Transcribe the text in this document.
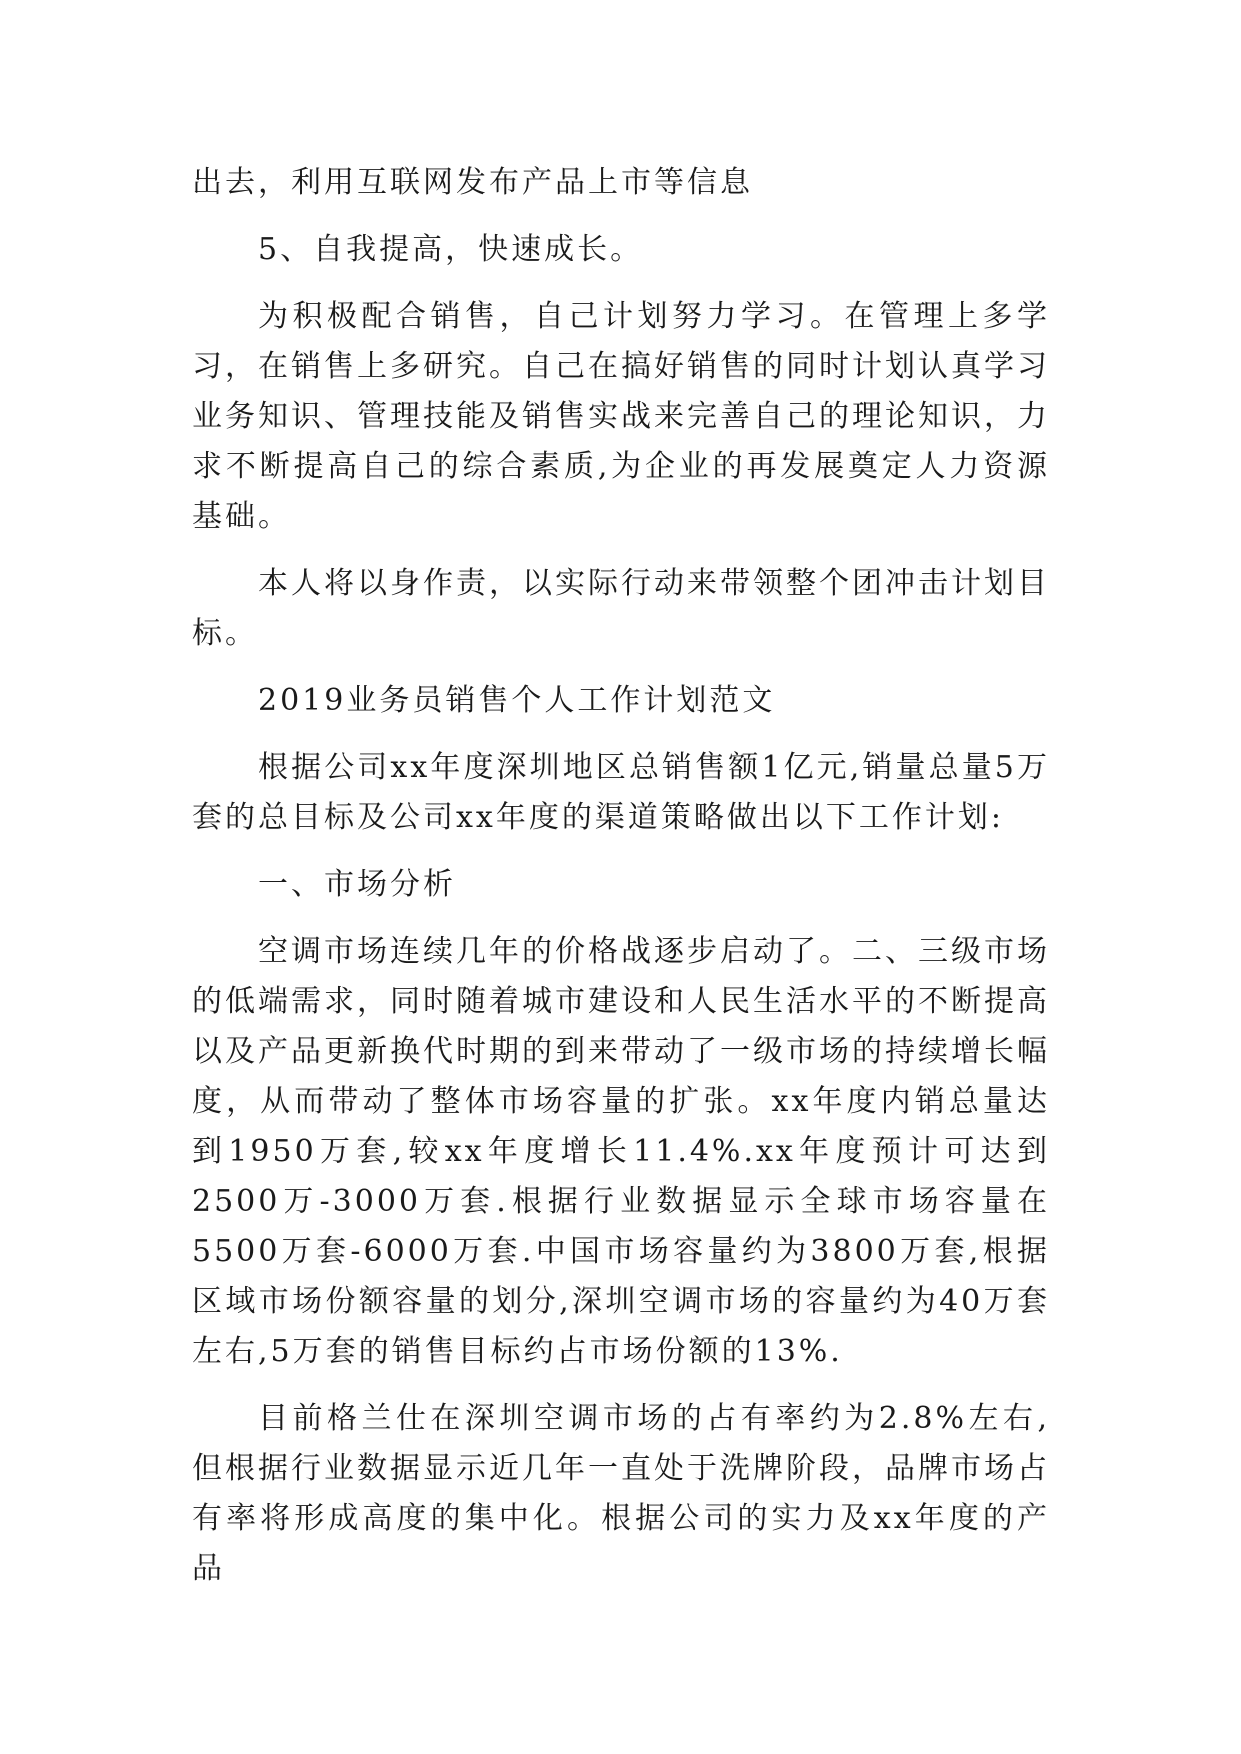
出去，利用互联网发布产品上市等信息

5、自我提高，快速成长。

为积极配合销售，自己计划努力学习。在管理上多学习，在销售上多研究。自己在搞好销售的同时计划认真学习业务知识、管理技能及销售实战来完善自己的理论知识，力求不断提高自己的综合素质,为企业的再发展奠定人力资源基础。

本人将以身作责，以实际行动来带领整个团冲击计划目标。

2019业务员销售个人工作计划范文

根据公司xx年度深圳地区总销售额1亿元,销量总量5万套的总目标及公司xx年度的渠道策略做出以下工作计划:

一、市场分析

空调市场连续几年的价格战逐步启动了。二、三级市场的低端需求，同时随着城市建设和人民生活水平的不断提高以及产品更新换代时期的到来带动了一级市场的持续增长幅度，从而带动了整体市场容量的扩张。xx年度内销总量达到1950万套,较xx年度增长11.4%.xx年度预计可达到2500万-3000万套.根据行业数据显示全球市场容量在5500万套-6000万套.中国市场容量约为3800万套,根据区域市场份额容量的划分,深圳空调市场的容量约为40万套左右,5万套的销售目标约占市场份额的13%.

目前格兰仕在深圳空调市场的占有率约为2.8%左右,但根据行业数据显示近几年一直处于洗牌阶段，品牌市场占有率将形成高度的集中化。根据公司的实力及xx年度的产品
